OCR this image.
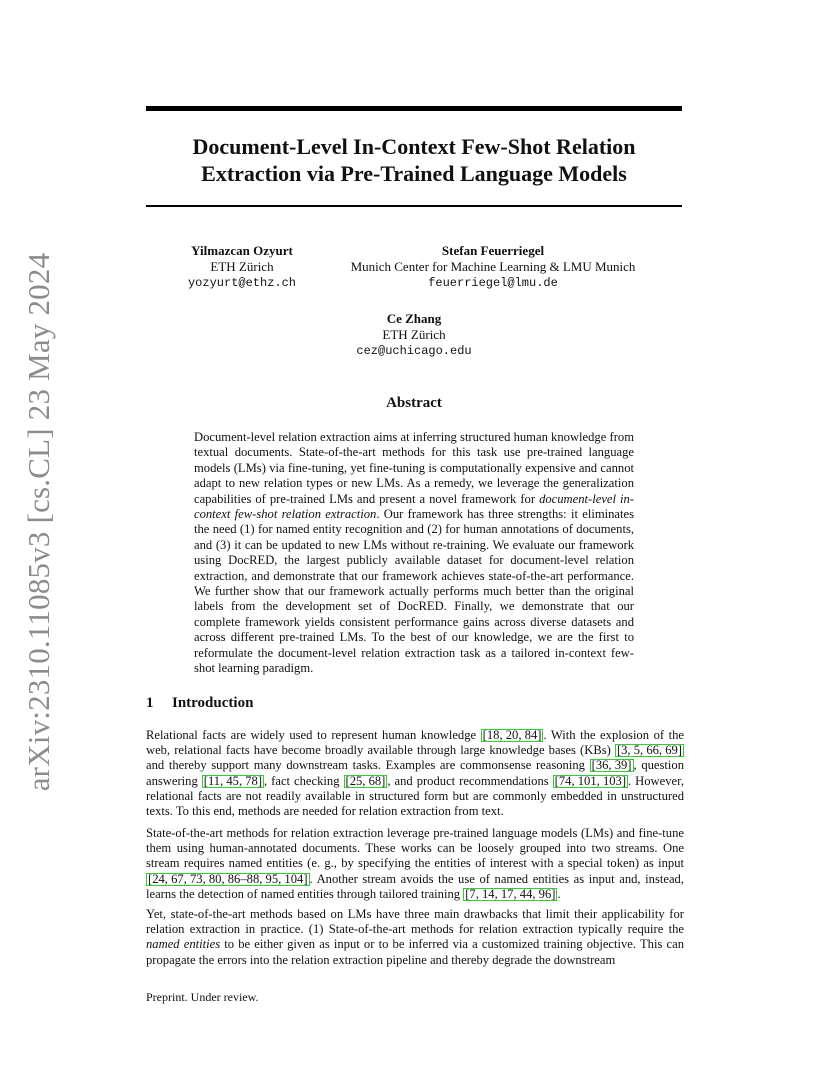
arXiv:2310.11085v3 [cs.CL] 23 May 2024
Document-Level In-Context Few-Shot Relation Extraction via Pre-Trained Language Models
Yilmazcan Ozyurt
ETH Zürich
yozyurt@ethz.ch
Stefan Feuerriegel
Munich Center for Machine Learning & LMU Munich
feuerriegel@lmu.de
Ce Zhang
ETH Zürich
cez@uchicago.edu
Abstract

Document-level relation extraction aims at inferring structured human knowledge from textual documents. State-of-the-art methods for this task use pre-trained language models (LMs) via fine-tuning, yet fine-tuning is computationally expensive and cannot adapt to new relation types or new LMs. As a remedy, we leverage the generalization capabilities of pre-trained LMs and present a novel framework for document-level in-context few-shot relation extraction. Our framework has three strengths: it eliminates the need (1) for named entity recognition and (2) for human annotations of documents, and (3) it can be updated to new LMs without re-training. We evaluate our framework using DocRED, the largest publicly available dataset for document-level relation extraction, and demonstrate that our framework achieves state-of-the-art performance. We further show that our framework actually performs much better than the original labels from the development set of DocRED. Finally, we demonstrate that our complete framework yields consistent performance gains across diverse datasets and across different pre-trained LMs. To the best of our knowledge, we are the first to reformulate the document-level relation extraction task as a tailored in-context few-shot learning paradigm.

1 Introduction

Relational facts are widely used to represent human knowledge [18, 20, 84] . With the explosion of the web, relational facts have become broadly available through large knowledge bases (KBs) [3, 5, 66, 69] and thereby support many downstream tasks. Examples are commonsense reasoning [36, 39] , question answering [11, 45, 78] , fact checking [25, 68] , and product recommendations [74, 101, 103] . However, relational facts are not readily available in structured form but are commonly embedded in unstructured texts. To this end, methods are needed for relation extraction from text.

State-of-the-art methods for relation extraction leverage pre-trained language models (LMs) and fine-tune them using human-annotated documents. These works can be loosely grouped into two streams. One stream requires named entities (e. g., by specifying the entities of interest with a special token) as input [24, 67, 73, 80, 86–88, 95, 104] . Another stream avoids the use of named entities as input and, instead, learns the detection of named entities through tailored training [7, 14, 17, 44, 96] .

Yet, state-of-the-art methods based on LMs have three main drawbacks that limit their applicability for relation extraction in practice. (1) State-of-the-art methods for relation extraction typically require the named entities to be either given as input or to be inferred via a customized training objective. This can propagate the errors into the relation extraction pipeline and thereby degrade the downstream

Preprint. Under review.
